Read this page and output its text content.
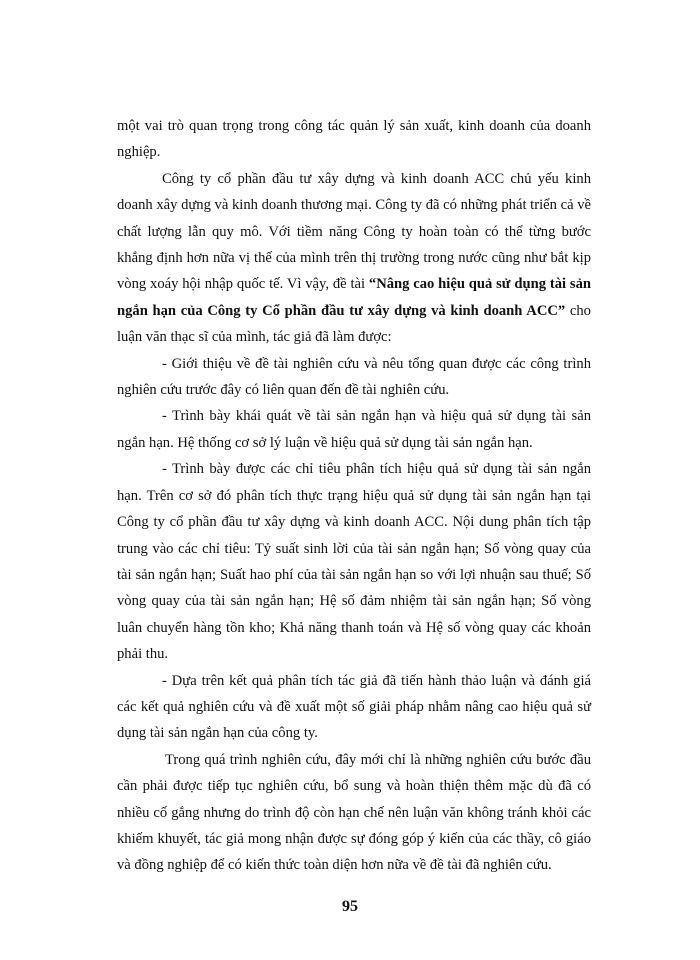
một vai trò quan trọng trong công tác quản lý sản xuất, kinh doanh của doanh nghiệp.

Công ty cổ phần đầu tư xây dựng và kinh doanh ACC chủ yếu kinh doanh xây dựng và kinh doanh thương mại. Công ty đã có những phát triển cả về chất lượng lẫn quy mô. Với tiềm năng Công ty hoàn toàn có thể từng bước khẳng định hơn nữa vị thế của mình trên thị trường trong nước cũng như bắt kịp vòng xoáy hội nhập quốc tế. Vì vậy, đề tài “Nâng cao hiệu quả sử dụng tài sản ngắn hạn của Công ty Cổ phần đầu tư xây dựng và kinh doanh ACC” cho luận văn thạc sĩ của mình, tác giả đã làm được:

- Giới thiệu về đề tài nghiên cứu và nêu tổng quan được các công trình nghiên cứu trước đây có liên quan đến đề tài nghiên cứu.

- Trình bày khái quát về tài sản ngắn hạn và hiệu quả sử dụng tài sản ngắn hạn. Hệ thống cơ sở lý luận về hiệu quả sử dụng tài sản ngắn hạn.

- Trình bày được các chỉ tiêu phân tích hiệu quả sử dụng tài sản ngắn hạn. Trên cơ sở đó phân tích thực trạng hiệu quả sử dụng tài sản ngắn hạn tại Công ty cổ phần đầu tư xây dựng và kinh doanh ACC. Nội dung phân tích tập trung vào các chỉ tiêu: Tỷ suất sinh lời của tài sản ngắn hạn; Số vòng quay của tài sản ngắn hạn; Suất hao phí của tài sản ngắn hạn so với lợi nhuận sau thuế; Số vòng quay của tài sản ngắn hạn; Hệ số đảm nhiệm tài sản ngắn hạn; Số vòng luân chuyển hàng tồn kho; Khả năng thanh toán và Hệ số vòng quay các khoản phải thu.

- Dựa trên kết quả phân tích tác giả đã tiến hành thảo luận và đánh giá các kết quả nghiên cứu và đề xuất một số giải pháp nhằm nâng cao hiệu quả sử dụng tài sản ngắn hạn của công ty.

Trong quá trình nghiên cứu, đây mới chỉ là những nghiên cứu bước đầu cần phải được tiếp tục nghiên cứu, bổ sung và hoàn thiện thêm mặc dù đã có nhiều cố gắng nhưng do trình độ còn hạn chế nên luận văn không tránh khỏi các khiếm khuyết, tác giả mong nhận được sự đóng góp ý kiến của các thầy, cô giáo và đồng nghiệp để có kiến thức toàn diện hơn nữa về đề tài đã nghiên cứu.

95
